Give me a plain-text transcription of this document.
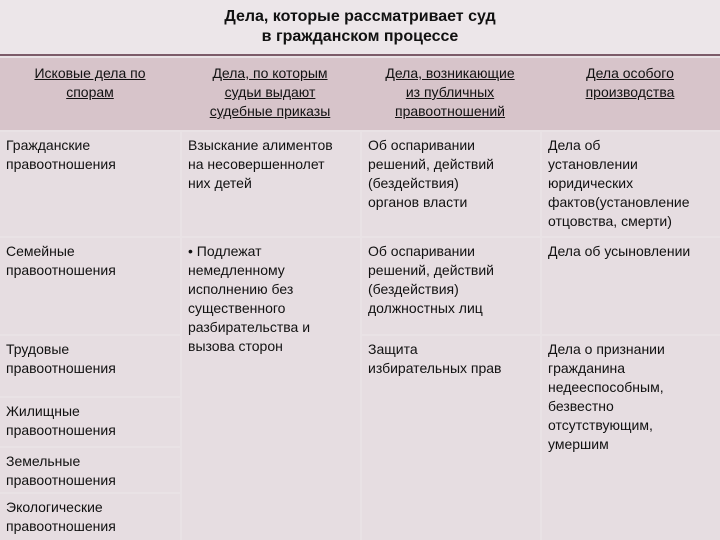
Дела, которые рассматривает суд
в гражданском процессе
Исковые дела по
спорам
Дела, по которым
судьи выдают
судебные приказы
Дела, возникающие
из публичных
правоотношений
Дела особого
производства
Гражданские
правоотношения
Семейные
правоотношения
Трудовые
правоотношения
Жилищные
правоотношения
Земельные
правоотношения
Экологические
правоотношения
Взыскание алиментов
на несовершеннолет
них детей
• Подлежат
немедленному
исполнению без
существенного
разбирательства и
вызова сторон
Об оспаривании
решений, действий
(бездействия)
органов власти
Об оспаривании
решений, действий
(бездействия)
должностных лиц
Защита
избирательных прав
Дела об
установлении
юридических
фактов(установление
отцовства, смерти)
Дела об усыновлении
Дела о признании
гражданина
недееспособным,
безвестно
отсутствующим,
умершим
